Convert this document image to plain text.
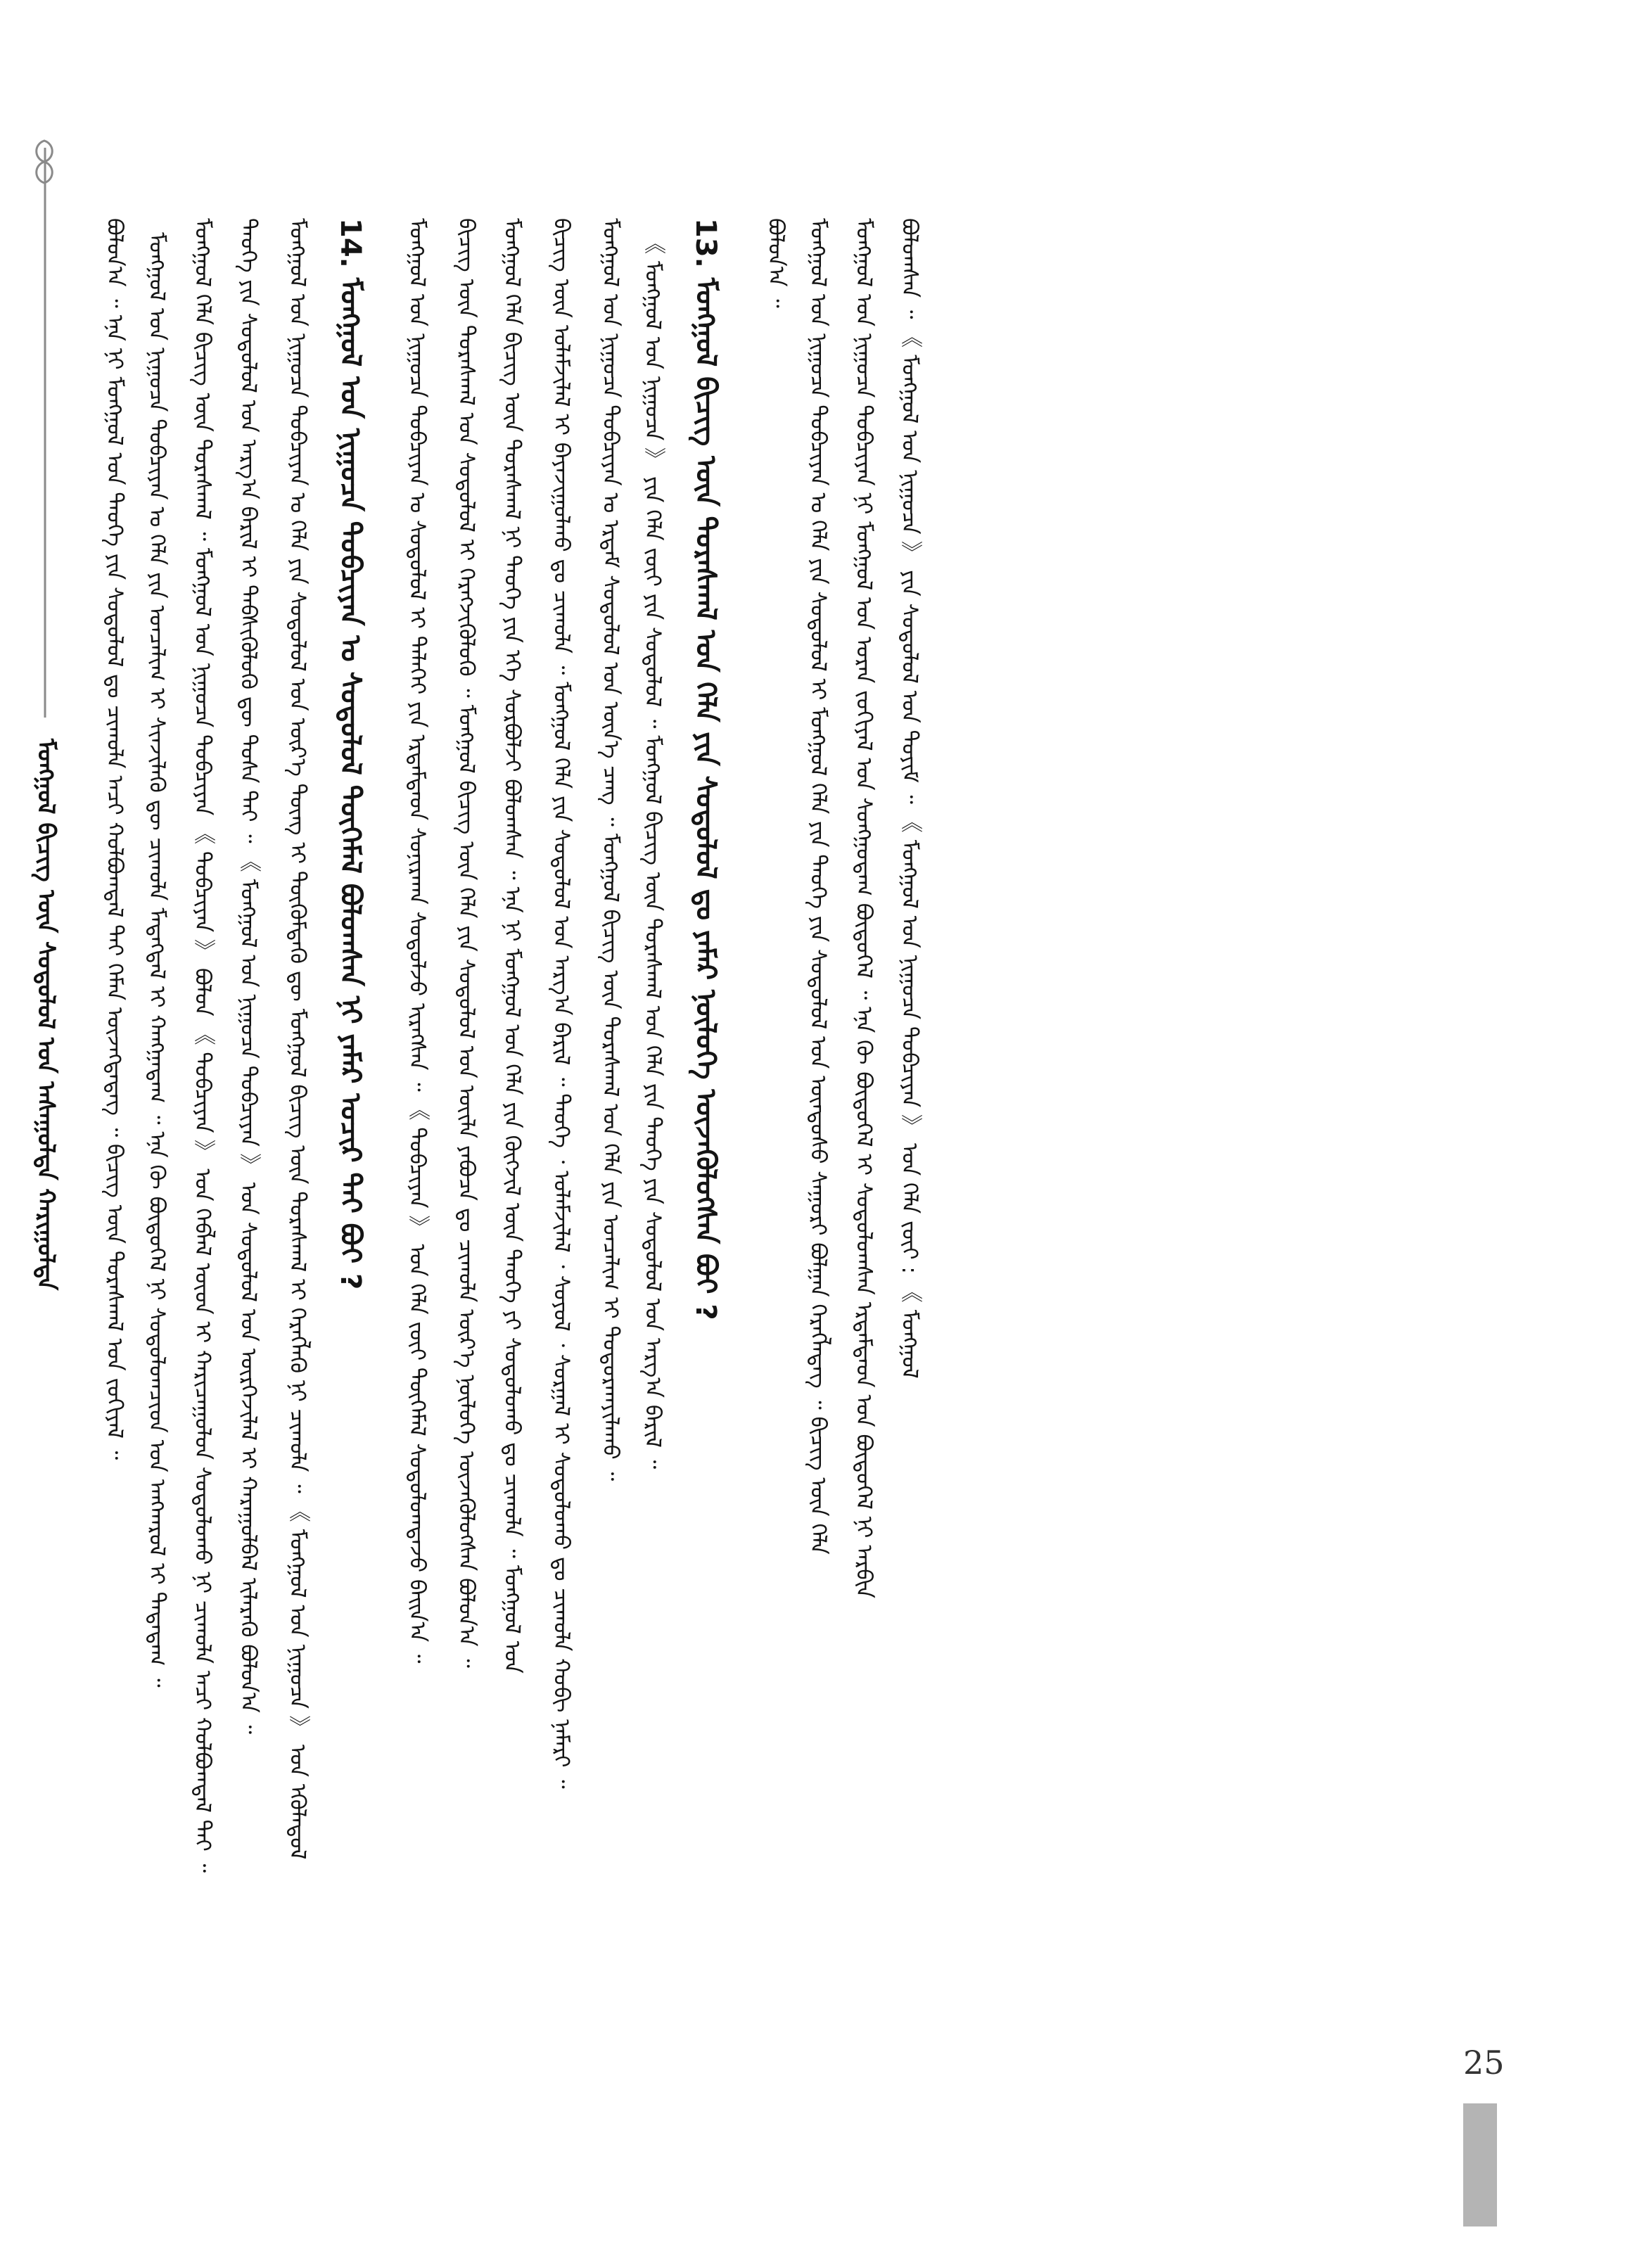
ᠮᠣᠩᠭᠣᠯ ᠪᠢᠴᠢᠭ᠌ ᠦᠨ ᠰᠤᠳᠤᠯᠤᠯ ᠤᠨ ᠠᠰᠠᠭᠤᠯᠲᠠ ᠬᠠᠷᠢᠭᠤᠯᠲᠠ ᠪᠣᠯᠤᠨ᠎ᠠ ᠃ ᠡᠨᠡ ᠨᠢ ᠮᠣᠩᠭᠣᠯ ᠤᠨ ᠲᠡᠦᠬᠡ ᠶᠢᠨ ᠰᠤᠳᠤᠯᠤᠯ ᠳᠤ ᠴᠢᠬᠤᠯᠠ ᠠᠴᠢ ᠬᠣᠯᠪᠣᠭᠳᠠᠯ ᠲᠠᠢ ᠬᠡᠮᠡᠨ ᠦᠵᠡᠭᠳᠡᠳᠡᠭ ᠃ ᠪᠢᠴᠢᠭ᠌ ᠦᠨ ᠳᠤᠷᠠᠰᠬᠠᠯ ᠤᠨ ᠵᠣᠬᠢᠶᠠᠯ ᠃ ᠮᠣᠩᠭᠣᠯ ᠤᠨ ᠨᠢᠭᠤᠴᠠ ᠲᠣᠪᠴᠢᠶᠠᠨ ᠤ ᠬᠡᠯᠡ ᠶᠢᠨ ᠣᠨᠴᠠᠯᠢᠭ ᠢ ᠰᠢᠨᠵᠢᠯᠡᠬᠦ ᠳᠦ ᠴᠢᠬᠤᠯᠠ ᠮᠡᠳᠡᠭᠳᠡᠯ ᠢ ᠬᠠᠩᠭᠠᠳᠠᠭ ᠃ ᠡᠨᠡ ᠬᠦ ᠪᠦᠲᠦᠭᠡᠯ ᠨᠢ ᠰᠤᠳᠤᠯᠤᠭᠴᠢᠳ ᠤᠨ ᠠᠩᠬᠠᠷᠤᠯ ᠢ ᠲᠠᠲᠠᠳᠠᠭ ᠃ ᠮᠣᠩᠭᠣᠯ ᠬᠡᠯᠡ ᠪᠢᠴᠢᠭ᠌ ᠦᠨ ᠳᠤᠷᠠᠰᠬᠠᠯ ᠃ ᠮᠣᠩᠭᠣᠯ ᠤᠨ ᠨᠢᠭᠤᠴᠠ ᠲᠣᠪᠴᠢᠶᠠᠨ 《 ᠲᠣᠪᠴᠢᠶᠠᠨ 》 ᠪᠣᠯᠤᠨ 《 ᠲᠣᠪᠴᠢᠶᠠᠨ 》 ᠤᠨ ᠬᠡᠪᠯᠡᠯ ᠦᠳ ᠢ ᠬᠠᠷᠢᠴᠠᠭᠤᠯᠤᠨ ᠰᠤᠳᠤᠯᠤᠬᠤ ᠨᠢ ᠴᠢᠬᠤᠯᠠ ᠠᠴᠢ ᠬᠣᠯᠪᠣᠭᠳᠠᠯ ᠲᠠᠢ ᠃ ᠲᠡᠦᠬᠡ ᠶᠢᠨ ᠰᠤᠳᠤᠯᠤᠯ ᠤᠨ ᠠᠷᠭ᠎ᠠ ᠪᠠᠷᠢᠯ ᠢ ᠳᠡᠪᠰᠢᠭᠦᠯᠦᠬᠦ ᠳᠦ ᠲᠤᠰᠠ ᠲᠠᠢ ᠃ 《 ᠮᠣᠩᠭᠣᠯ ᠤᠨ ᠨᠢᠭᠤᠴᠠ ᠲᠣᠪᠴᠢᠶᠠᠨ 》 ᠤᠨ ᠰᠤᠳᠤᠯᠤᠯ ᠤᠨ ᠦᠷᠭᠡᠵᠢᠯᠡᠯ ᠢ ᠬᠠᠷᠠᠭᠤᠯᠪᠠᠯ ᠢᠯᠡᠷᠡᠬᠦ ᠪᠣᠯᠤᠨ᠎ᠠ ᠃ ᠮᠣᠩᠭᠣᠯ ᠤᠨ ᠨᠢᠭᠤᠴᠠ ᠲᠣᠪᠴᠢᠶᠠᠨ ᠤ ᠬᠡᠯᠡ ᠶᠢᠨ ᠰᠤᠳᠤᠯᠤᠯ ᠤᠨ ᠦᠷ᠎ᠡ ᠳᠦᠩ ᠢ ᠳᠦᠭᠦᠮᠳᠡᠬᠦ ᠳᠦ ᠮᠣᠩᠭᠣᠯ ᠪᠢᠴᠢᠭ᠌ ᠦᠨ ᠳᠤᠷᠠᠰᠬᠠᠯ ᠢ ᠬᠡᠷᠡᠭᠯᠡᠬᠦ ᠨᠢ ᠴᠢᠬᠤᠯᠠ ᠃ 《 ᠮᠣᠩᠭᠣᠯ ᠤᠨ ᠨᠢᠭᠤᠴᠠ 》 ᠤᠨ ᠡᠭᠦᠯᠡᠳᠦᠯ 14. ᠮᠣᠩᠭᠣᠯ ᠤᠨ ᠨᠢᠭᠤᠴᠠ ᠲᠣᠪᠴᠢᠶᠠᠨ ᠤ ᠰᠤᠳᠤᠯᠤᠯ ᠲᠦᠭᠡᠮᠡᠯ ᠪᠣᠯᠤᠭᠰᠠᠨ ᠨᠢ ᠶᠠᠮᠠᠷ ᠤᠴᠢᠷ ᠲᠠᠢ ᠪᠤᠢ ? ᠮᠣᠩᠭᠣᠯ ᠤᠨ ᠨᠢᠭᠤᠴᠠ ᠲᠣᠪᠴᠢᠶᠠᠨ ᠤ ᠰᠤᠳᠤᠯᠤᠯ ᠢ ᠳᠡᠯᠡᠬᠡᠢ ᠶᠢᠨ ᠡᠷᠳᠡᠮᠲᠡᠳ ᠰᠣᠨᠢᠷᠬᠠᠨ ᠰᠤᠳᠤᠯᠵᠤ ᠢᠷᠡᠭᠰᠡᠨ ᠃ 《 ᠲᠣᠪᠴᠢᠶᠠᠨ 》 ᠤᠨ ᠬᠡᠯᠡ ᠵᠦᠢ ᠲᠦᠭᠡᠮᠡᠯ ᠰᠤᠳᠤᠯᠤᠭᠳᠠᠵᠤ ᠪᠠᠢᠨ᠎ᠠ ᠃ ᠪᠢᠴᠢᠭ᠌ ᠦᠨ ᠳᠤᠷᠠᠰᠬᠠᠯ ᠤᠨ ᠰᠤᠳᠤᠯᠤᠯ ᠢ ᠬᠡᠷᠡᠭᠵᠢᠭᠦᠯᠦᠬᠦ ᠃ ᠮᠣᠩᠭᠣᠯ ᠪᠢᠴᠢᠭ᠌ ᠦᠨ ᠬᠡᠯᠡ ᠶᠢᠨ ᠰᠤᠳᠤᠯᠤᠯ ᠤᠨ ᠦᠢᠯᠡ ᠶᠠᠪᠤᠴᠠ ᠳᠤ ᠴᠢᠬᠤᠯᠠ ᠦᠷ᠎ᠡ ᠨᠦᠯᠦᠭᠡ ᠦᠵᠡᠭᠦᠯᠦᠭᠰᠡᠨ ᠪᠣᠯᠤᠨ᠎ᠠ ᠃ ᠮᠣᠩᠭᠣᠯ ᠬᠡᠯᠡ ᠪᠢᠴᠢᠭ᠌ ᠦᠨ ᠳᠤᠷᠠᠰᠬᠠᠯ ᠨᠢ ᠲᠡᠦᠬᠡ ᠶᠢᠨ ᠡᠬᠡ ᠰᠤᠷᠪᠤᠯᠵᠢ ᠪᠣᠯᠤᠭᠰᠠᠨ ᠃ ᠡᠨᠡ ᠨᠢ ᠮᠣᠩᠭᠣᠯ ᠤᠨ ᠬᠡᠯᠡ ᠶᠢᠨ ᠬᠦᠭᠵᠢᠯ ᠦᠨ ᠲᠡᠦᠬᠡ ᠶᠢ ᠰᠤᠳᠤᠯᠤᠬᠤ ᠳᠤ ᠴᠢᠬᠤᠯᠠ ᠃ ᠮᠣᠩᠭᠣᠯ ᠤᠨ ᠪᠢᠴᠢᠭ᠌ ᠦᠨ ᠤᠯᠠᠮᠵᠢᠯᠠᠯ ᠢ ᠪᠠᠶᠠᠵᠢᠭᠤᠯᠬᠤ ᠳᠤ ᠴᠢᠬᠤᠯᠠ ᠃ ᠮᠣᠩᠭᠣᠯ ᠬᠡᠯᠡ ᠶᠢᠨ ᠰᠤᠳᠤᠯᠤᠯ ᠤᠨ ᠠᠷᠭ᠎ᠠ ᠪᠠᠷᠢᠯ ᠃ ᠲᠡᠦᠬᠡ ᠂ ᠤᠯᠠᠮᠵᠢᠯᠠᠯ ᠂ ᠰᠣᠶᠤᠯ ᠂ ᠰᠤᠷᠭᠠᠯ ᠢ ᠰᠤᠳᠤᠯᠤᠬᠤ ᠳᠤ ᠴᠢᠬᠤᠯᠠ ᠬᠤᠪᠢ ᠨᠡᠮᠡᠷᠢ ᠃ ᠮᠣᠩᠭᠣᠯ ᠤᠨ ᠨᠢᠭᠤᠴᠠ ᠲᠣᠪᠴᠢᠶᠠᠨ ᠤ ᠡᠷᠳᠡᠮ ᠰᠤᠳᠤᠯᠤᠯ ᠤᠨ ᠦᠨ᠎ᠡ ᠴᠡᠩ ᠃ ᠮᠣᠩᠭᠣᠯ ᠪᠢᠴᠢᠭ᠌ ᠦᠨ ᠳᠤᠷᠠᠰᠬᠠᠯ ᠤᠨ ᠬᠡᠯᠡ ᠶᠢᠨ ᠣᠨᠴᠠᠯᠢᠭ ᠢ ᠲᠣᠳᠤᠷᠬᠠᠶᠢᠯᠠᠬᠤ ᠃ 《 ᠮᠣᠩᠭᠣᠯ ᠤᠨ ᠨᠢᠭᠤᠴᠠ 》 ᠶᠢᠨ ᠬᠡᠯᠡ ᠵᠦᠢ ᠶᠢᠨ ᠰᠤᠳᠤᠯᠤᠯ ᠃ ᠮᠣᠩᠭᠣᠯ ᠪᠢᠴᠢᠭ᠌ ᠦᠨ ᠳᠤᠷᠠᠰᠬᠠᠯ ᠤᠨ ᠬᠡᠯᠡ ᠶᠢᠨ ᠲᠡᠦᠬᠡ ᠶᠢᠨ ᠰᠤᠳᠤᠯᠤᠯ ᠤᠨ ᠠᠷᠭ᠎ᠠ ᠪᠠᠷᠢᠯ ᠃ 13. ᠮᠣᠩᠭᠣᠯ ᠪᠢᠴᠢᠭ᠌ ᠦᠨ ᠳᠤᠷᠠᠰᠬᠠᠯ ᠤᠨ ᠬᠡᠯᠡ ᠶᠢᠨ ᠰᠤᠳᠤᠯᠤᠯ ᠳᠤ ᠶᠠᠮᠠᠷ ᠨᠦᠯᠦᠭᠡ ᠦᠵᠡᠭᠦᠯᠦᠭᠰᠡᠨ ᠪᠤᠢ ? ᠪᠣᠯᠤᠨ᠎ᠠ ᠃ ᠮᠣᠩᠭᠣᠯ ᠤᠨ ᠨᠢᠭᠤᠴᠠ ᠲᠣᠪᠴᠢᠶᠠᠨ ᠤ ᠬᠡᠯᠡ ᠶᠢᠨ ᠰᠤᠳᠤᠯᠤᠯ ᠢ ᠮᠣᠩᠭᠣᠯ ᠬᠡᠯᠡ ᠶᠢᠨ ᠲᠡᠦᠬᠡ ᠶᠢᠨ ᠰᠤᠳᠤᠯᠤᠯ ᠤᠨ ᠦᠨᠳᠦᠰᠦ ᠰᠠᠭᠤᠷᠢ ᠪᠣᠯᠭᠠᠨ ᠬᠡᠷᠡᠭᠯᠡᠳᠡᠭ ᠃ ᠪᠢᠴᠢᠭ᠌ ᠦᠨ ᠬᠡᠯᠡ ᠮᠣᠩᠭᠣᠯ ᠤᠨ ᠨᠢᠭᠤᠴᠠ ᠲᠣᠪᠴᠢᠶᠠᠨ ᠨᠢ ᠮᠣᠩᠭᠣᠯ ᠤᠨ ᠤᠷᠠᠨ ᠵᠣᠬᠢᠶᠠᠯ ᠤᠨ ᠰᠣᠩᠭᠣᠳᠠᠭ ᠪᠦᠲᠦᠭᠡᠯ ᠃ ᠡᠨᠡ ᠬᠦ ᠪᠦᠲᠦᠭᠡᠯ ᠢ ᠰᠤᠳᠤᠯᠤᠭᠰᠠᠨ ᠡᠷᠳᠡᠮᠲᠡᠳ ᠤᠨ ᠪᠦᠲᠦᠭᠡᠯ ᠨᠢ ᠠᠷᠪᠢᠨ ᠪᠣᠯᠤᠭᠰᠠᠨ ᠃ 《 ᠮᠣᠩᠭᠣᠯ ᠤᠨ ᠨᠢᠭᠤᠴᠠ 》 ᠶᠢᠨ ᠰᠤᠳᠤᠯᠤᠯ ᠤᠨ ᠲᠣᠶᠢᠮ ᠃ 《 ᠮᠣᠩᠭᠣᠯ ᠤᠨ ᠨᠢᠭᠤᠴᠠ ᠲᠣᠪᠴᠢᠶᠠᠨ 》 ᠤᠨ ᠬᠡᠯᠡ ᠵᠦᠢ : 《 ᠮᠣᠩᠭᠣᠯ
25
